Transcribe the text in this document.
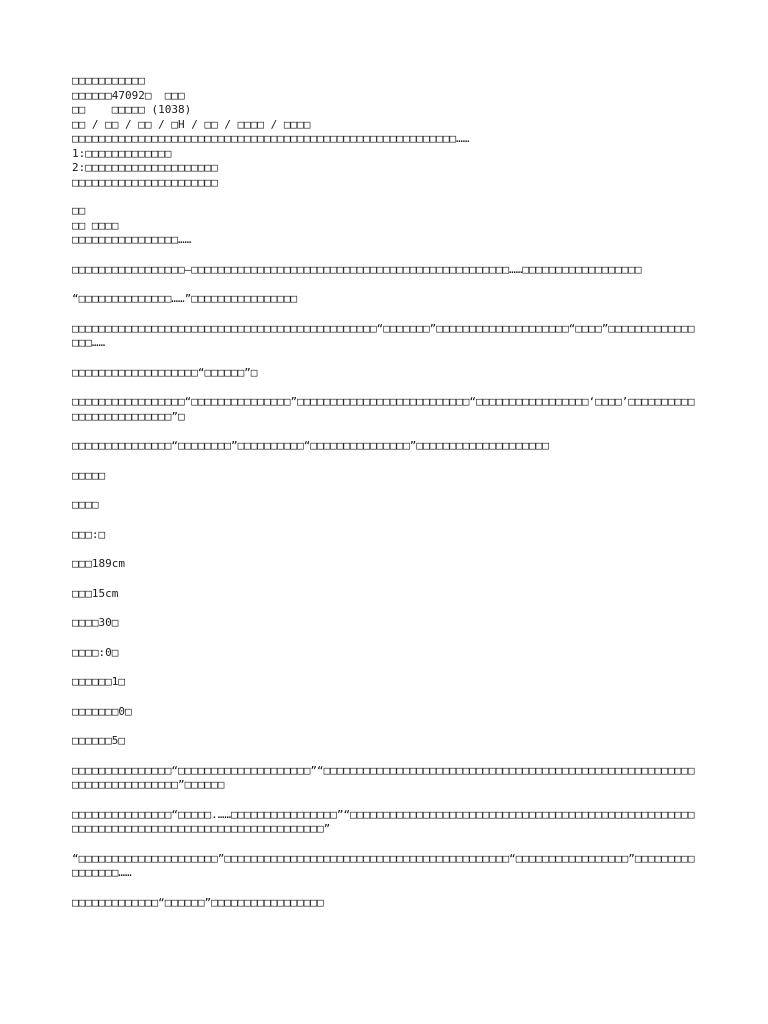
□□□□□□□□□□□

□□□□□□47092□  □□□

□□    □□□□□ (1038)

□□ / □□ / □□ / □H / □□ / □□□□ / □□□□

□□□□□□□□□□□□□□□□□□□□□□□□□□□□□□□□□□□□□□□□□□□□□□□□□□□□□□□□□□……

1:□□□□□□□□□□□□□

2:□□□□□□□□□□□□□□□□□□□□

□□□□□□□□□□□□□□□□□□□□□□

□□

□□ □□□□

□□□□□□□□□□□□□□□□……

□□□□□□□□□□□□□□□□□—□□□□□□□□□□□□□□□□□□□□□□□□□□□□□□□□□□□□□□□□□□□□□□□□……□□□□□□□□□□□□□□□□□□

“□□□□□□□□□□□□□□……”□□□□□□□□□□□□□□□□

□□□□□□□□□□□□□□□□□□□□□□□□□□□□□□□□□□□□□□□□□□□□□□“□□□□□□□”□□□□□□□□□□□□□□□□□□□□“□□□□”□□□□□□□□□□□□□□□□……

□□□□□□□□□□□□□□□□□□□“□□□□□□”□

□□□□□□□□□□□□□□□□□“□□□□□□□□□□□□□□□”□□□□□□□□□□□□□□□□□□□□□□□□□□“□□□□□□□□□□□□□□□□□‘□□□□’□□□□□□□□□□□□□□□□□□□□□□□□□”□

□□□□□□□□□□□□□□□“□□□□□□□□”□□□□□□□□□□“□□□□□□□□□□□□□□□”□□□□□□□□□□□□□□□□□□□□

□□□□□

□□□□

□□□:□

□□□189cm

□□□15cm

□□□□30□

□□□□:0□

□□□□□□1□

□□□□□□□0□

□□□□□□5□

□□□□□□□□□□□□□□□“□□□□□□□□□□□□□□□□□□□□”“□□□□□□□□□□□□□□□□□□□□□□□□□□□□□□□□□□□□□□□□□□□□□□□□□□□□□□□□□□□□□□□□□□□□□□□□”□□□□□□

□□□□□□□□□□□□□□□“□□□□□.……□□□□□□□□□□□□□□□□”“□□□□□□□□□□□□□□□□□□□□□□□□□□□□□□□□□□□□□□□□□□□□□□□□□□□□□□□□□□□□□□□□□□□□□□□□□□□□□□□□□□□□□□□□□□”

“□□□□□□□□□□□□□□□□□□□□□”□□□□□□□□□□□□□□□□□□□□□□□□□□□□□□□□□□□□□□□□□□□“□□□□□□□□□□□□□□□□□”□□□□□□□□□□□□□□□□……

□□□□□□□□□□□□□“□□□□□□”□□□□□□□□□□□□□□□□□
